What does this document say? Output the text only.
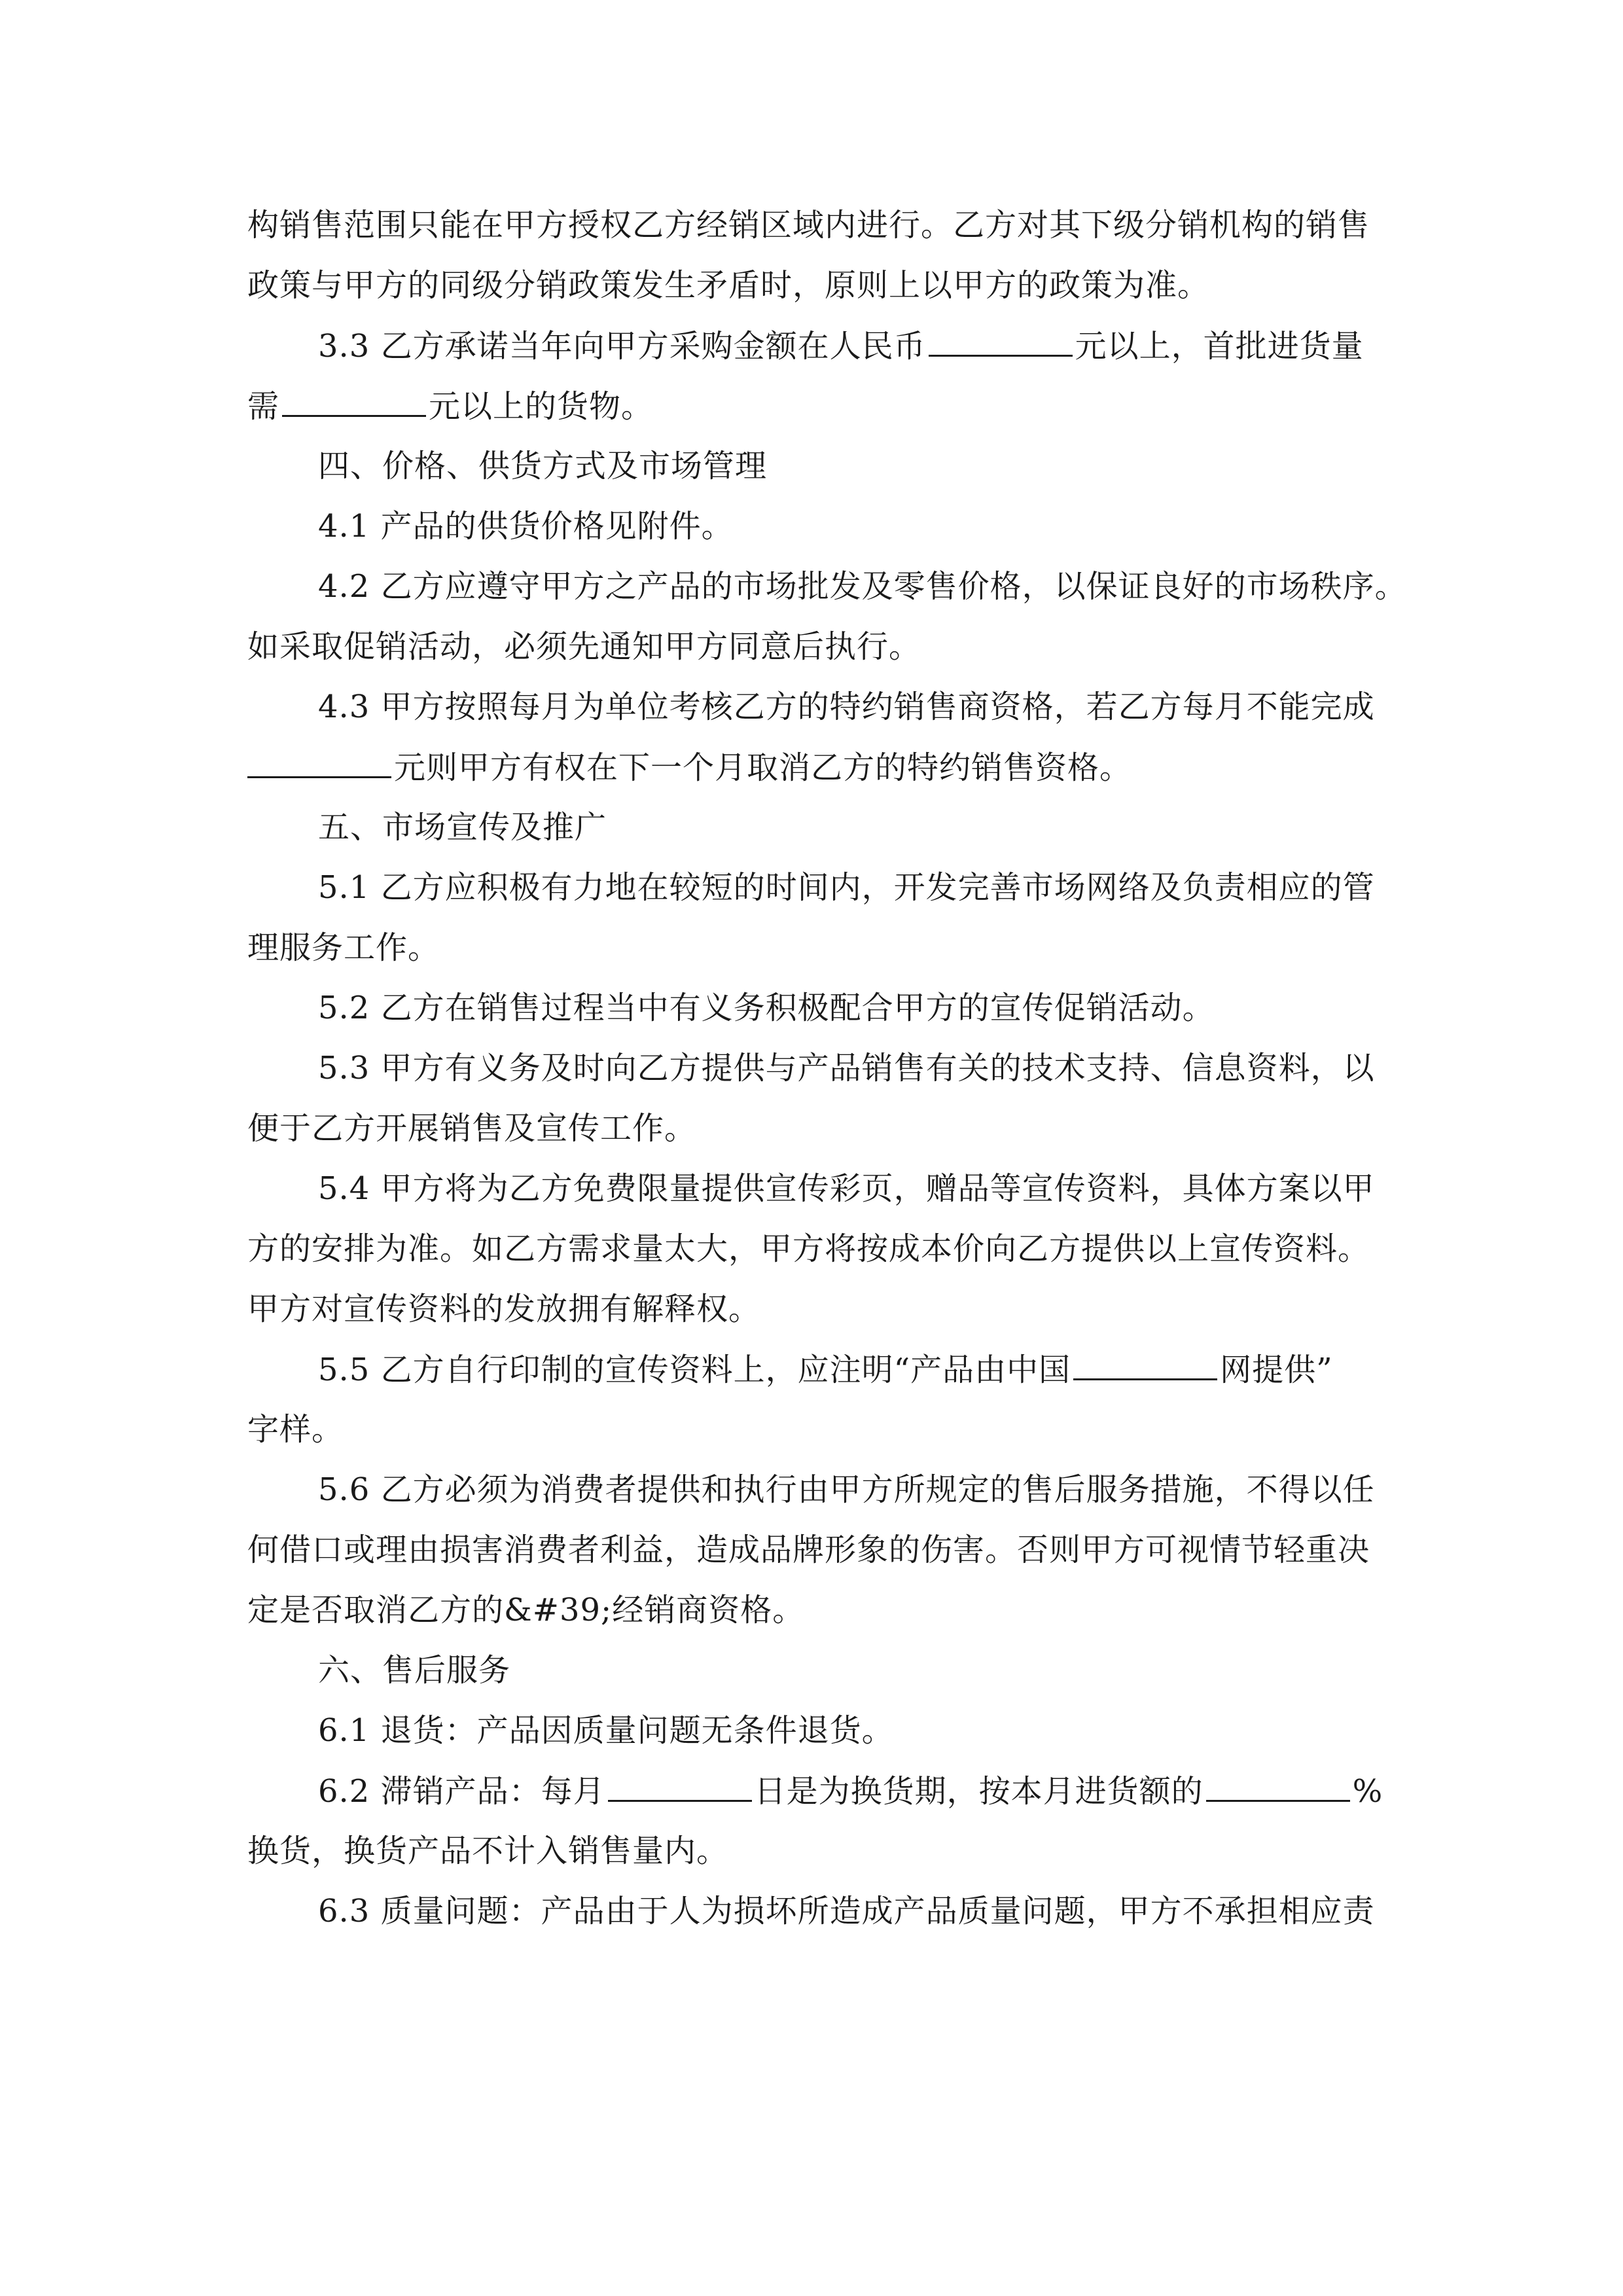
构销售范围只能在甲方授权乙方经销区域内进行。乙方对其下级分销机构的销售
政策与甲方的同级分销政策发生矛盾时，原则上以甲方的政策为准。
3.3 乙方承诺当年向甲方采购金额在人民币	元以上，首批进货量
需	元以上的货物。
四、价格、供货方式及市场管理
4.1 产品的供货价格见附件。
4.2 乙方应遵守甲方之产品的市场批发及零售价格，以保证良好的市场秩序。
如采取促销活动，必须先通知甲方同意后执行。
4.3 甲方按照每月为单位考核乙方的特约销售商资格，若乙方每月不能完成
元则甲方有权在下一个月取消乙方的特约销售资格。
五、市场宣传及推广
5.1 乙方应积极有力地在较短的时间内，开发完善市场网络及负责相应的管
理服务工作。
5.2 乙方在销售过程当中有义务积极配合甲方的宣传促销活动。
5.3 甲方有义务及时向乙方提供与产品销售有关的技术支持、信息资料，以
便于乙方开展销售及宣传工作。
5.4 甲方将为乙方免费限量提供宣传彩页，赠品等宣传资料，具体方案以甲
方的安排为准。如乙方需求量太大，甲方将按成本价向乙方提供以上宣传资料。
甲方对宣传资料的发放拥有解释权。
5.5 乙方自行印制的宣传资料上，应注明“产品由中国	网提供”
字样。
5.6 乙方必须为消费者提供和执行由甲方所规定的售后服务措施，不得以任
何借口或理由损害消费者利益，造成品牌形象的伤害。否则甲方可视情节轻重决
定是否取消乙方的&#39;经销商资格。
六、售后服务
6.1 退货：产品因质量问题无条件退货。
6.2 滞销产品：每月	日是为换货期，按本月进货额的	%
换货，换货产品不计入销售量内。
6.3 质量问题：产品由于人为损坏所造成产品质量问题，甲方不承担相应责
